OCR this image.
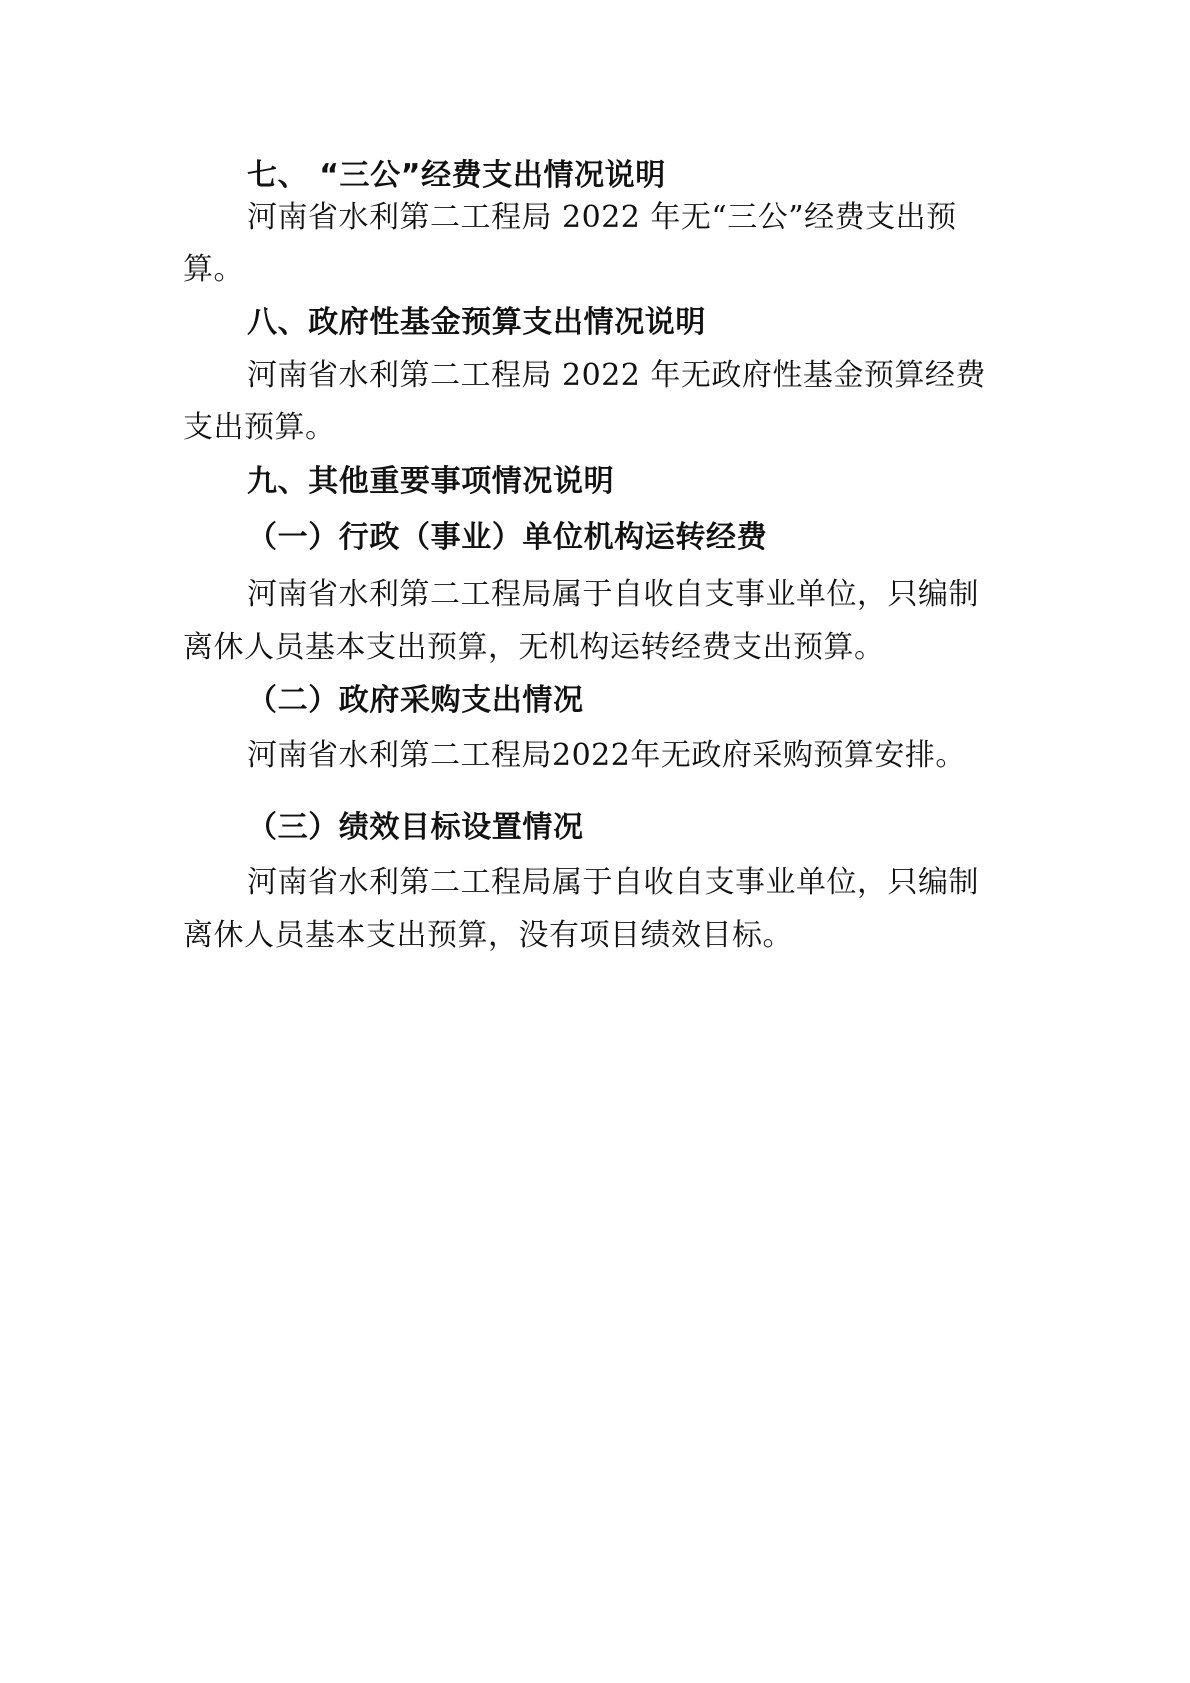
七、 “三公”经费支出情况说明
河南省水利第二工程局 2022 年无“三公”经费支出预
算。
八、政府性基金预算支出情况说明
河南省水利第二工程局 2022 年无政府性基金预算经费
支出预算。
九、其他重要事项情况说明
（一）行政（事业）单位机构运转经费
河南省水利第二工程局属于自收自支事业单位，只编制
离休人员基本支出预算，无机构运转经费支出预算。
（二）政府采购支出情况
河南省水利第二工程局2022年无政府采购预算安排。
（三）绩效目标设置情况
河南省水利第二工程局属于自收自支事业单位，只编制
离休人员基本支出预算，没有项目绩效目标。
